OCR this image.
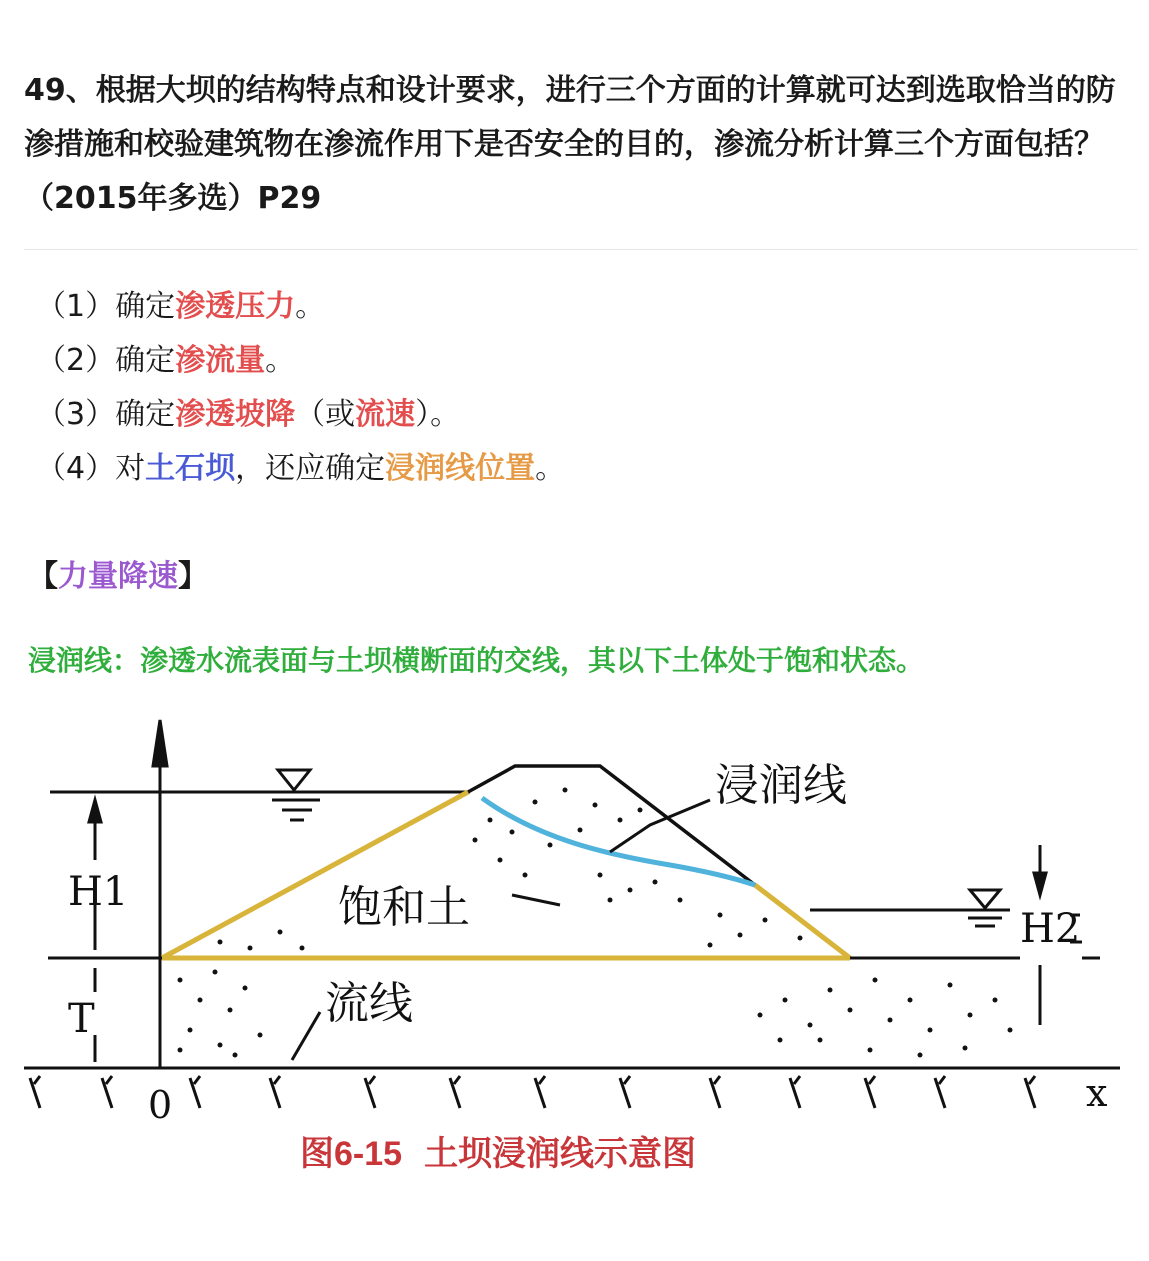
49、根据大坝的结构特点和设计要求，进行三个方面的计算就可达到选取恰当的防渗措施和校验建筑物在渗流作用下是否安全的目的，渗流分析计算三个方面包括？（2015年多选）P29
（1）确定渗透压力。
（2）确定渗流量。
（3）确定渗透坡降（或流速）。
（4）对土石坝，还应确定浸润线位置。
【力量降速】
浸润线：渗透水流表面与土坝横断面的交线，其以下土体处于饱和状态。
浸润线
饱和土
流线
H1
H2
T
0	x
图6-15 土坝浸润线示意图
